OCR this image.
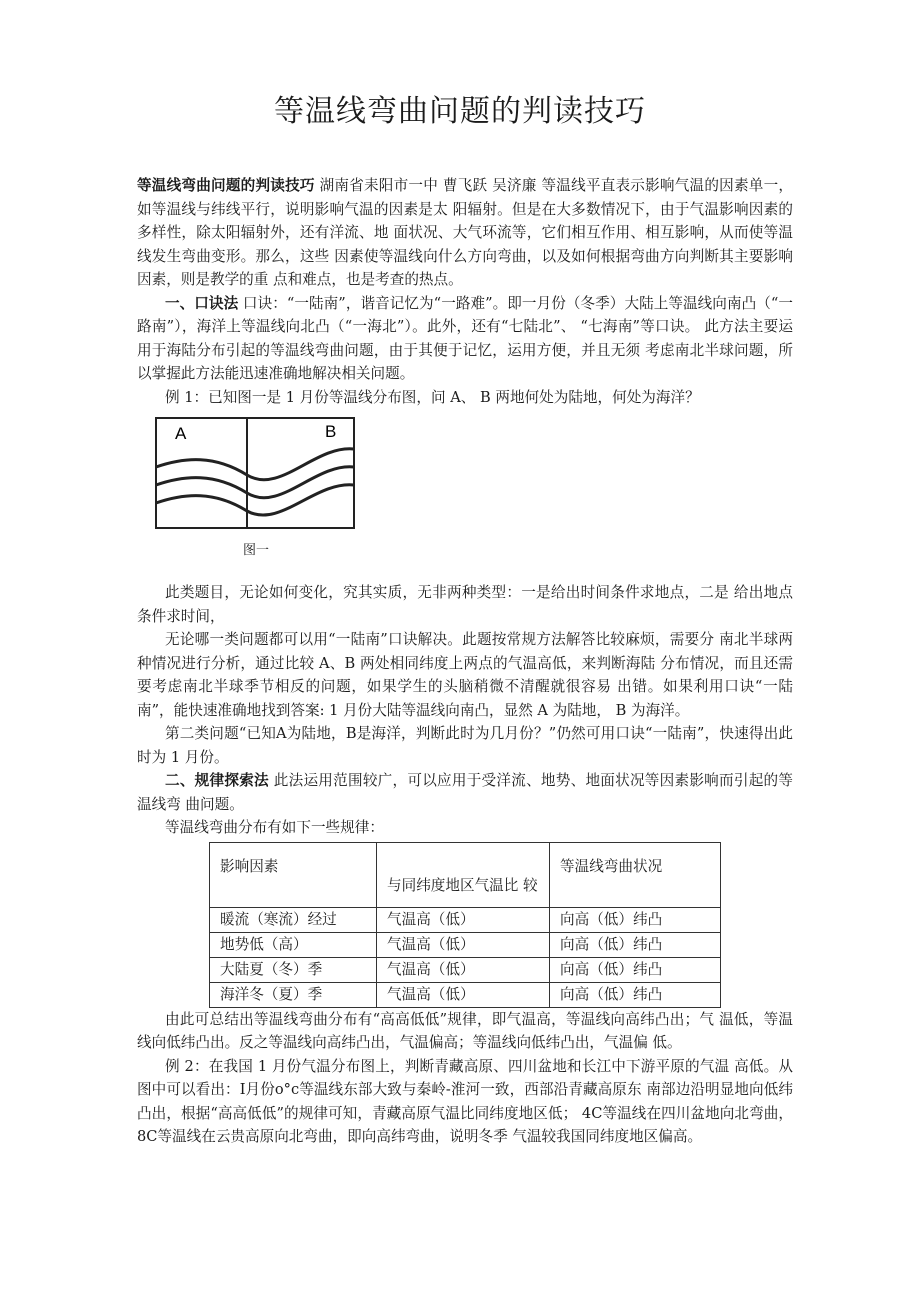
等温线弯曲问题的判读技巧

等温线弯曲问题的判读技巧 湖南省耒阳市一中 曹飞跃 吴济廉 等温线平直表示影响气温的因素单一，如等温线与纬线平行，说明影响气温的因素是太 阳辐射。但是在大多数情况下，由于气温影响因素的多样性，除太阳辐射外，还有洋流、地 面状况、大气环流等，它们相互作用、相互影响，从而使等温线发生弯曲变形。那么，这些 因素使等温线向什么方向弯曲，以及如何根据弯曲方向判断其主要影响因素，则是教学的重 点和难点，也是考查的热点。

一、口诀法 口诀：“一陆南”，谐音记忆为“一路难”。即一月份（冬季）大陆上等温线向南凸（“一 路南”），海洋上等温线向北凸（“一海北”）。此外，还有“七陆北”、 “七海南”等口诀。 此方法主要运用于海陆分布引起的等温线弯曲问题，由于其便于记忆，运用方便，并且无须 考虑南北半球问题，所以掌握此方法能迅速准确地解决相关问题。

例 1：已知图一是 1 月份等温线分布图，问 A、 B 两地何处为陆地，何处为海洋？

A	B
图一

此类题目，无论如何变化，究其实质，无非两种类型：一是给出时间条件求地点，二是 给出地点条件求时间，

无论哪一类问题都可以用“一陆南”口诀解决。此题按常规方法解答比较麻烦，需要分 南北半球两种情况进行分析，通过比较 A、B 两处相同纬度上两点的气温高低，来判断海陆 分布情况，而且还需要考虑南北半球季节相反的问题，如果学生的头脑稍微不清醒就很容易 出错。如果利用口诀“一陆南”，能快速准确地找到答案: 1 月份大陆等温线向南凸，显然 A 为陆地， B 为海洋。

第二类问题“已知A为陆地，B是海洋，判断此时为几月份？”仍然可用口诀“一陆南”，快速得出此时为 1 月份。

二、规律探索法 此法运用范围较广，可以应用于受洋流、地势、地面状况等因素影响而引起的等温线弯 曲问题。

等温线弯曲分布有如下一些规律：

影响因素	与同纬度地区气温比 较	等温线弯曲状况
暖流（寒流）经过	气温高（低）	向高（低）纬凸
地势低（高）	气温高（低）	向高（低）纬凸
大陆夏（冬）季	气温高（低）	向高（低）纬凸
海洋冬（夏）季	气温高（低）	向高（低）纬凸

由此可总结出等温线弯曲分布有“高高低低”规律，即气温高，等温线向高纬凸出；气 温低，等温线向低纬凸出。反之等温线向高纬凸出，气温偏高；等温线向低纬凸出，气温偏 低。

例 2：在我国 1 月份气温分布图上，判断青藏高原、四川盆地和长江中下游平原的气温 高低。从图中可以看出：I月份o°c等温线东部大致与秦岭-淮河一致，西部沿青藏高原东 南部边沿明显地向低纬凸出，根据“高高低低”的规律可知，青藏高原气温比同纬度地区低； 4C等温线在四川盆地向北弯曲，8C等温线在云贵高原向北弯曲，即向高纬弯曲，说明冬季 气温较我国同纬度地区偏高。
